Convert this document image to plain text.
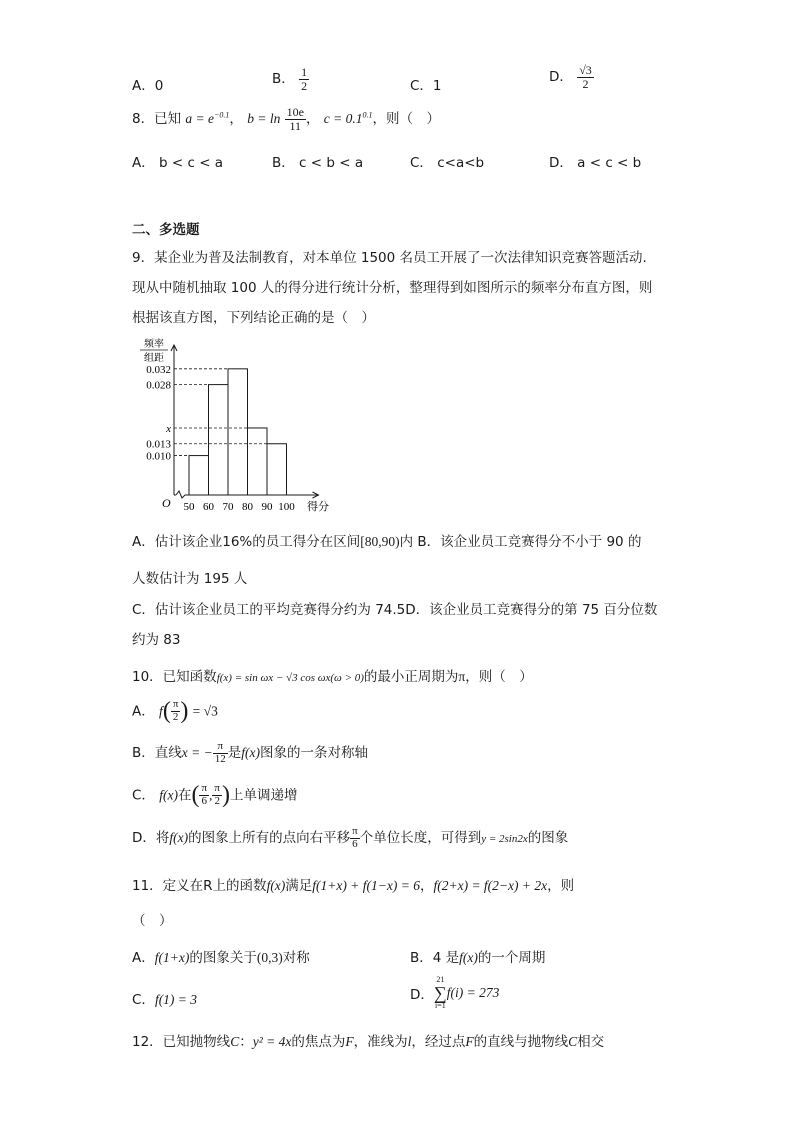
A．0	B． $\frac{1}{2}$	C．1
D． $\frac{√3}{2}$
8．已知 $a = e^{-0.1}$， $b = \ln \frac{10e}{11}$ ， $c = 0.1^{0.1}$，则（　）
A． b < c < a	B． c < b < a	C． c<a<b	D． a < c < b
二、多选题
9．某企业为普及法制教育，对本单位 1500 名员工开展了一次法律知识竞赛答题活动.
现从中随机抽取 100 人的得分进行统计分析，整理得到如图所示的频率分布直方图，则
根据该直方图，下列结论正确的是（　）
0.032
0.028
x
0.013
0.010
50 60 70 80 90 100 得分
O
频率
组距
A．估计该企业16%的员工得分在区间[80,90)内 B．该企业员工竞赛得分不小于 90 的
人数估计为 195 人
C．估计该企业员工的平均竞赛得分约为 74.5D．该企业员工竞赛得分的第 75 百分位数
约为 83
10．已知函数f(x) = sin ωx − √3 cos ωx(ω > 0)的最小正周期为π，则（　）
A． $f( \frac{\pi}{2}$ ) = √3
B．直线x = − $\frac{\pi}{12}$ 是f(x)图象的一条对称轴
C． f(x)在( $\frac{\pi}{6}$ , $\frac{\pi}{2}$ )上单调递增
D．将f(x)的图象上所有的点向右平移 $\frac{\pi}{6}$ 个单位长度，可得到y = 2sin2x的图象
11．定义在R上的函数f(x)满足f(1+x) + f(1−x) = 6，f(2+x) = f(2−x) + 2x，则
（　）
A．f(1+x)的图象关于(0,3)对称	B．4 是f(x)的一个周期
C．f(1) = 3	D．
21
∑
i=1
f(i) = 273
12．已知抛物线C：y² = 4x的焦点为F，准线为l，经过点F的直线与抛物线C相交
